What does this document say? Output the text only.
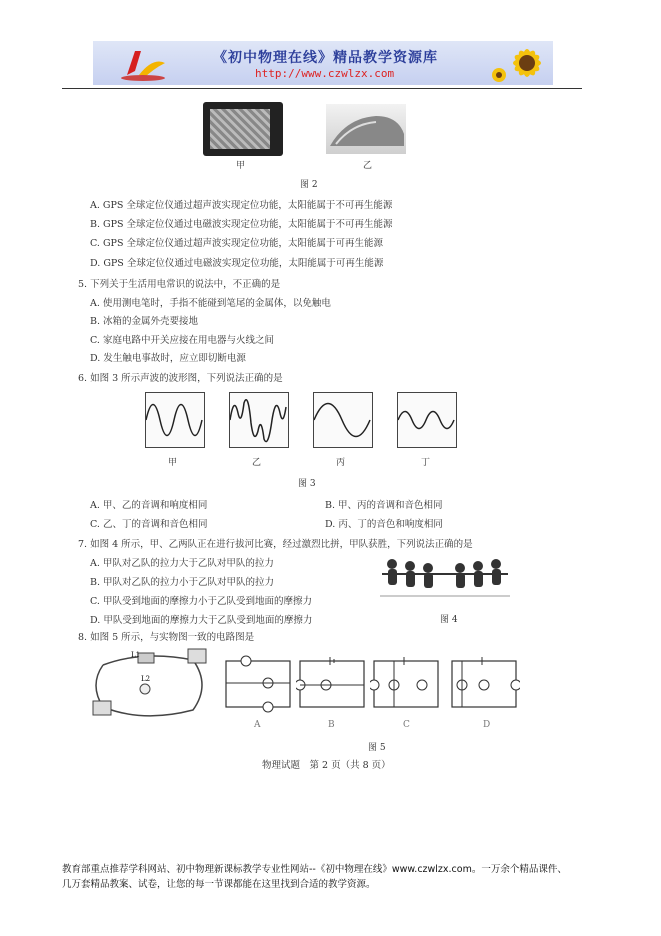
《初中物理在线》精品教学资源库
http://www.czwlzx.com
甲	乙
图 2
A. GPS 全球定位仪通过超声波实现定位功能，太阳能属于不可再生能源
B. GPS 全球定位仪通过电磁波实现定位功能，太阳能属于不可再生能源
C. GPS 全球定位仪通过超声波实现定位功能，太阳能属于可再生能源
D. GPS 全球定位仪通过电磁波实现定位功能，太阳能属于可再生能源
5. 下列关于生活用电常识的说法中，不正确的是
A. 使用测电笔时，手指不能碰到笔尾的金属体，以免触电
B. 冰箱的金属外壳要接地
C. 家庭电路中开关应接在用电器与火线之间
D. 发生触电事故时，应立即切断电源
6. 如图 3 所示声波的波形图，下列说法正确的是
甲	乙	丙	丁
图 3
A. 甲、乙的音调和响度相同	B. 甲、丙的音调和音色相同
C. 乙、丁的音调和音色相同	D. 丙、丁的音色和响度相同
7. 如图 4 所示，甲、乙两队正在进行拔河比赛，经过激烈比拼，甲队获胜，下列说法正确的是
A. 甲队对乙队的拉力大于乙队对甲队的拉力
B. 甲队对乙队的拉力小于乙队对甲队的拉力
C. 甲队受到地面的摩擦力小于乙队受到地面的摩擦力
D. 甲队受到地面的摩擦力大于乙队受到地面的摩擦力	图 4
8. 如图 5 所示，与实物图一致的电路图是
L2
L1
A	B	C	D
图 5
物理试题　第 2 页（共 8 页）
教育部重点推荐学科网站、初中物理新课标教学专业性网站--《初中物理在线》www.czwlzx.com。一万余个精品课件、
几万套精品教案、试卷，让您的每一节课都能在这里找到合适的教学资源。
